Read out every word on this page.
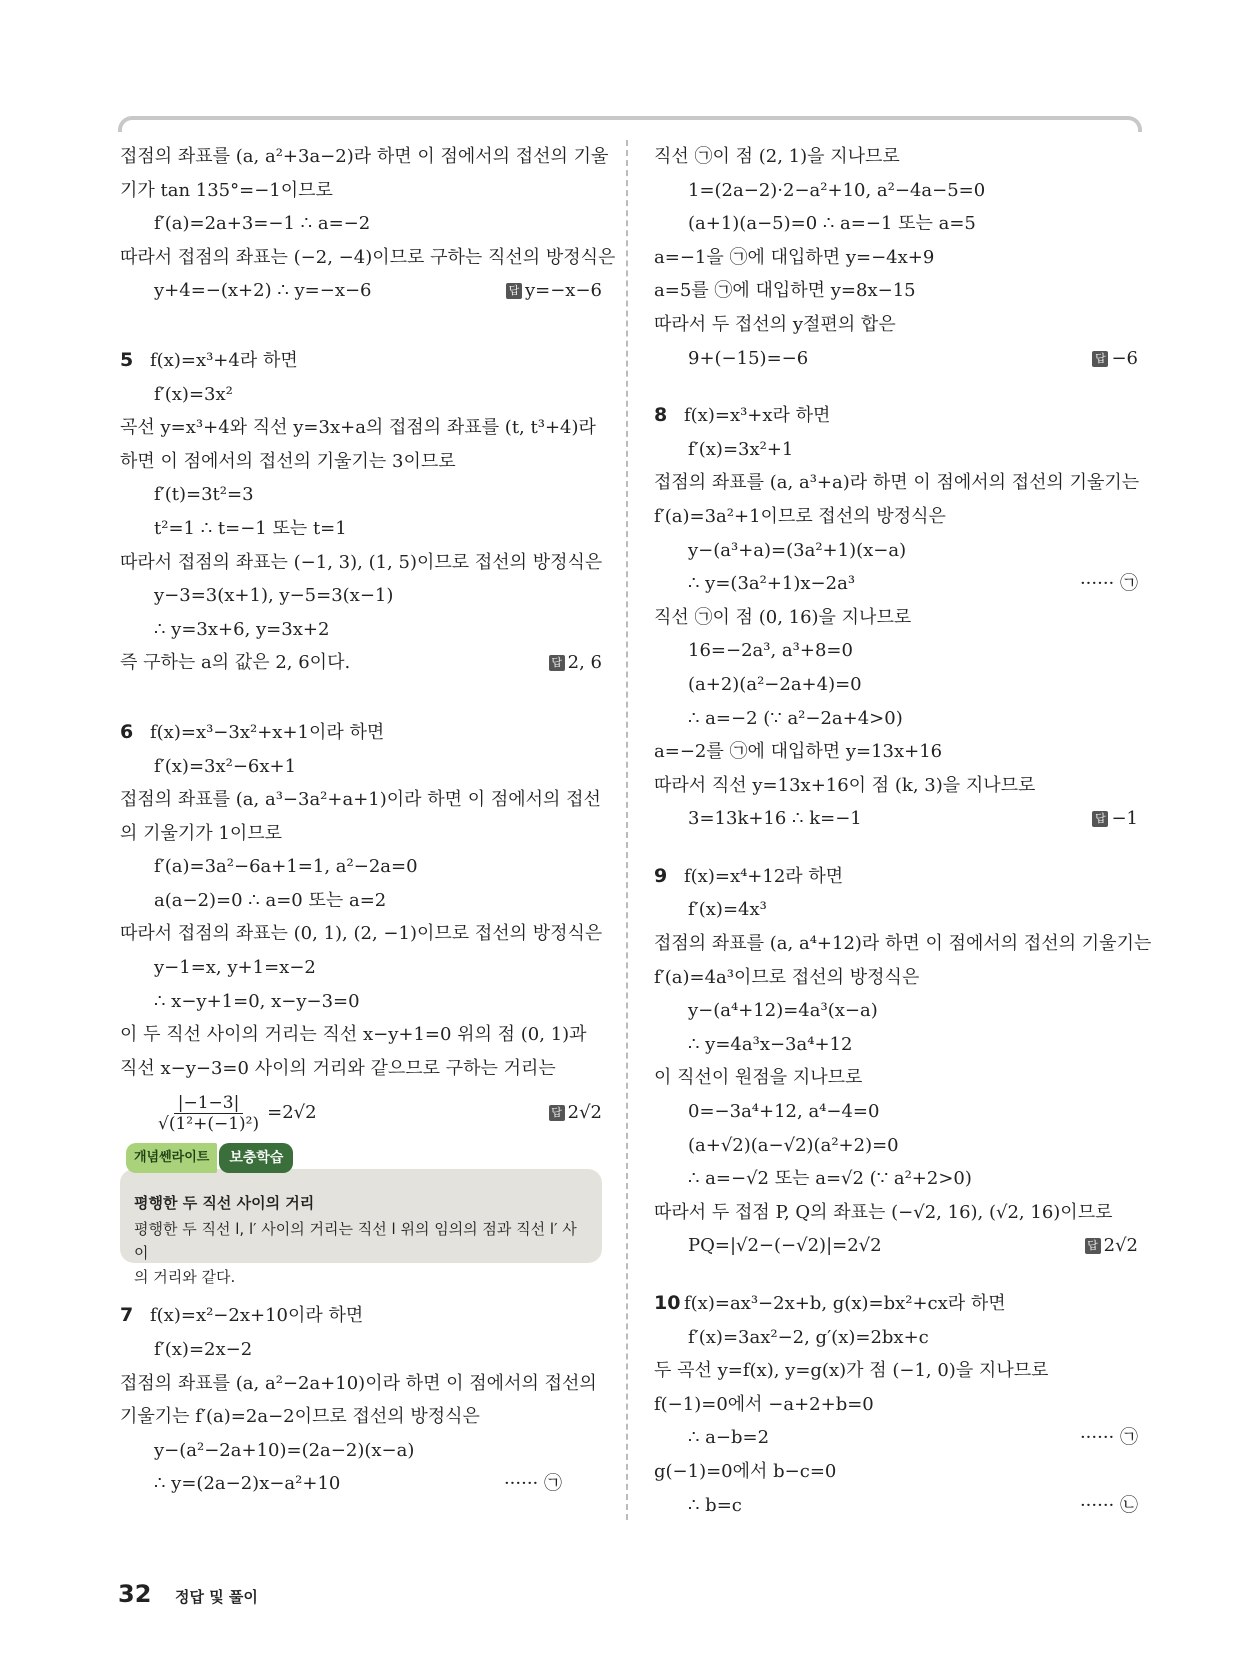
접점의 좌표를 (a, a²+3a−2)라 하면 이 점에서의 접선의 기울
기가 tan 135°=−1이므로
f′(a)=2a+3=−1 ∴ a=−2
따라서 접점의 좌표는 (−2, −4)이므로 구하는 직선의 방정식은
y+4=−(x+2) ∴ y=−x−6	답 y=−x−6
5 f(x)=x³+4라 하면
f′(x)=3x²
곡선 y=x³+4와 직선 y=3x+a의 접점의 좌표를 (t, t³+4)라
하면 이 점에서의 접선의 기울기는 3이므로
f′(t)=3t²=3
t²=1 ∴ t=−1 또는 t=1
따라서 접점의 좌표는 (−1, 3), (1, 5)이므로 접선의 방정식은
y−3=3(x+1), y−5=3(x−1)
∴ y=3x+6, y=3x+2
즉 구하는 a의 값은 2, 6이다.	답 2, 6
6 f(x)=x³−3x²+x+1이라 하면
f′(x)=3x²−6x+1
접점의 좌표를 (a, a³−3a²+a+1)이라 하면 이 점에서의 접선
의 기울기가 1이므로
f′(a)=3a²−6a+1=1, a²−2a=0
a(a−2)=0 ∴ a=0 또는 a=2
따라서 접점의 좌표는 (0, 1), (2, −1)이므로 접선의 방정식은
y−1=x, y+1=x−2
∴ x−y+1=0, x−y−3=0
이 두 직선 사이의 거리는 직선 x−y+1=0 위의 점 (0, 1)과
직선 x−y−3=0 사이의 거리와 같으므로 구하는 거리는
$\frac{|-1-3|}{\text{√(1²+(−1)²)}} =2√2$	답 2√2
개념쎈라이트	보충학습
평행한 두 직선 사이의 거리
평행한 두 직선 l, l′ 사이의 거리는 직선 l 위의 임의의 점과 직선 l′ 사이
의 거리와 같다.
7 f(x)=x²−2x+10이라 하면
f′(x)=2x−2
접점의 좌표를 (a, a²−2a+10)이라 하면 이 점에서의 접선의
기울기는 f′(a)=2a−2이므로 접선의 방정식은
y−(a²−2a+10)=(2a−2)(x−a)
∴ y=(2a−2)x−a²+10	······ ㉠
직선 ㉠이 점 (2, 1)을 지나므로
1=(2a−2)·2−a²+10, a²−4a−5=0
(a+1)(a−5)=0 ∴ a=−1 또는 a=5
a=−1을 ㉠에 대입하면 y=−4x+9
a=5를 ㉠에 대입하면 y=8x−15
따라서 두 접선의 y절편의 합은
9+(−15)=−6	답 −6
8 f(x)=x³+x라 하면
f′(x)=3x²+1
접점의 좌표를 (a, a³+a)라 하면 이 점에서의 접선의 기울기는
f′(a)=3a²+1이므로 접선의 방정식은
y−(a³+a)=(3a²+1)(x−a)
∴ y=(3a²+1)x−2a³	······ ㉠
직선 ㉠이 점 (0, 16)을 지나므로
16=−2a³, a³+8=0
(a+2)(a²−2a+4)=0
∴ a=−2 (∵ a²−2a+4>0)
a=−2를 ㉠에 대입하면 y=13x+16
따라서 직선 y=13x+16이 점 (k, 3)을 지나므로
3=13k+16 ∴ k=−1	답 −1
9 f(x)=x⁴+12라 하면
f′(x)=4x³
접점의 좌표를 (a, a⁴+12)라 하면 이 점에서의 접선의 기울기는
f′(a)=4a³이므로 접선의 방정식은
y−(a⁴+12)=4a³(x−a)
∴ y=4a³x−3a⁴+12
이 직선이 원점을 지나므로
0=−3a⁴+12, a⁴−4=0
(a+√2)(a−√2)(a²+2)=0
∴ a=−√2 또는 a=√2 (∵ a²+2>0)
따라서 두 접점 P, Q의 좌표는 (−√2, 16), (√2, 16)이므로
PQ=|√2−(−√2)|=2√2	답 2√2
10 f(x)=ax³−2x+b, g(x)=bx²+cx라 하면
f′(x)=3ax²−2, g′(x)=2bx+c
두 곡선 y=f(x), y=g(x)가 점 (−1, 0)을 지나므로
f(−1)=0에서 −a+2+b=0
∴ a−b=2	······ ㉠
g(−1)=0에서 b−c=0
∴ b=c	······ ㉡
32 정답 및 풀이
